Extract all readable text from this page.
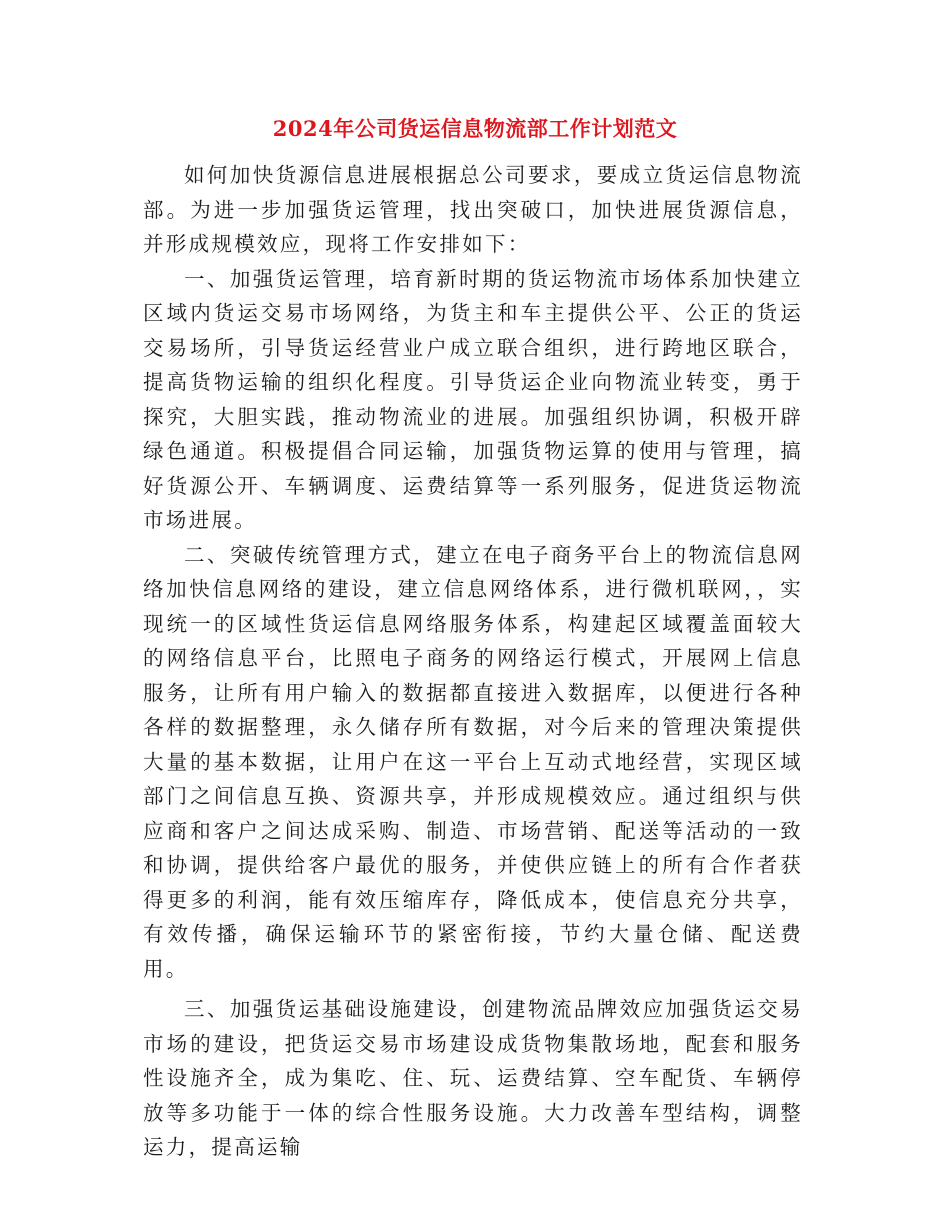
2024年公司货运信息物流部工作计划范文

如何加快货源信息进展根据总公司要求，要成立货运信息物流部。为进一步加强货运管理，找出突破口，加快进展货源信息，并形成规模效应，现将工作安排如下：

一、加强货运管理，培育新时期的货运物流市场体系加快建立区域内货运交易市场网络，为货主和车主提供公平、公正的货运交易场所，引导货运经营业户成立联合组织，进行跨地区联合，提高货物运输的组织化程度。引导货运企业向物流业转变，勇于探究，大胆实践，推动物流业的进展。加强组织协调，积极开辟绿色通道。积极提倡合同运输，加强货物运算的使用与管理，搞好货源公开、车辆调度、运费结算等一系列服务，促进货运物流市场进展。

二、突破传统管理方式，建立在电子商务平台上的物流信息网络加快信息网络的建设，建立信息网络体系，进行微机联网，，实现统一的区域性货运信息网络服务体系，构建起区域覆盖面较大的网络信息平台，比照电子商务的网络运行模式，开展网上信息服务，让所有用户输入的数据都直接进入数据库，以便进行各种各样的数据整理，永久储存所有数据，对今后来的管理决策提供大量的基本数据，让用户在这一平台上互动式地经营，实现区域部门之间信息互换、资源共享，并形成规模效应。通过组织与供应商和客户之间达成采购、制造、市场营销、配送等活动的一致和协调，提供给客户最优的服务，并使供应链上的所有合作者获得更多的利润，能有效压缩库存，降低成本，使信息充分共享，有效传播，确保运输环节的紧密衔接，节约大量仓储、配送费用。

三、加强货运基础设施建设，创建物流品牌效应加强货运交易市场的建设，把货运交易市场建设成货物集散场地，配套和服务性设施齐全，成为集吃、住、玩、运费结算、空车配货、车辆停放等多功能于一体的综合性服务设施。大力改善车型结构，调整运力，提高运输
